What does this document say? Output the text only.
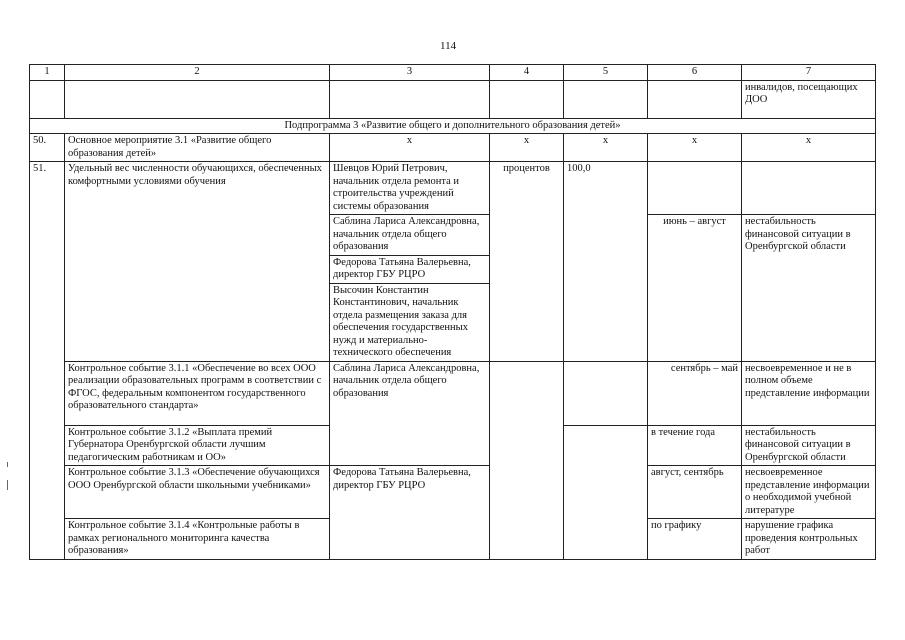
114
1	2	3	4	5	6	7
						инвалидов, посещающих ДОО
Подпрограмма 3 «Развитие общего и дополнительного образования детей»						
50.	Основное мероприятие 3.1 «Развитие общего образования детей»	х	х	х	х	х
51.	Удельный вес численности обучающихся, обеспеченных комфортными условиями обучения	Шевцов Юрий Петрович, начальник отдела ремонта и строительства учреждений системы образования	процентов	100,0		
		Саблина Лариса Александровна, начальник отдела общего образования			июнь – август	нестабильность финансовой ситуации в Оренбургской области
		Федорова Татьяна Валерьевна, директор ГБУ РЦРО				
		Высочин Константин Константинович, начальник отдела размещения заказа для обеспечения государственных нужд и материально-технического обеспечения				
	Контрольное событие 3.1.1 «Обеспечение во всех ООО реализации образовательных программ в соответствии с ФГОС, федеральным компонентом государственного образовательного стандарта»	Саблина Лариса Александровна, начальник отдела общего образования			сентябрь – май	несвоевременное и не в полном объеме представление информации
	Контрольное событие 3.1.2 «Выплата премий Губернатора Оренбургской области лучшим педагогическим работникам и ОО»				в течение года	нестабильность финансовой ситуации в Оренбургской области
	Контрольное событие 3.1.3 «Обеспечение обучающихся ООО Оренбургской области школьными учебниками»	Федорова Татьяна Валерьевна, директор ГБУ РЦРО			август, сентябрь	несвоевременное представление информации о необходимой учебной литературе
	Контрольное событие 3.1.4 «Контрольные работы в рамках регионального мониторинга качества образования»				по графику	нарушение графика проведения контрольных работ
